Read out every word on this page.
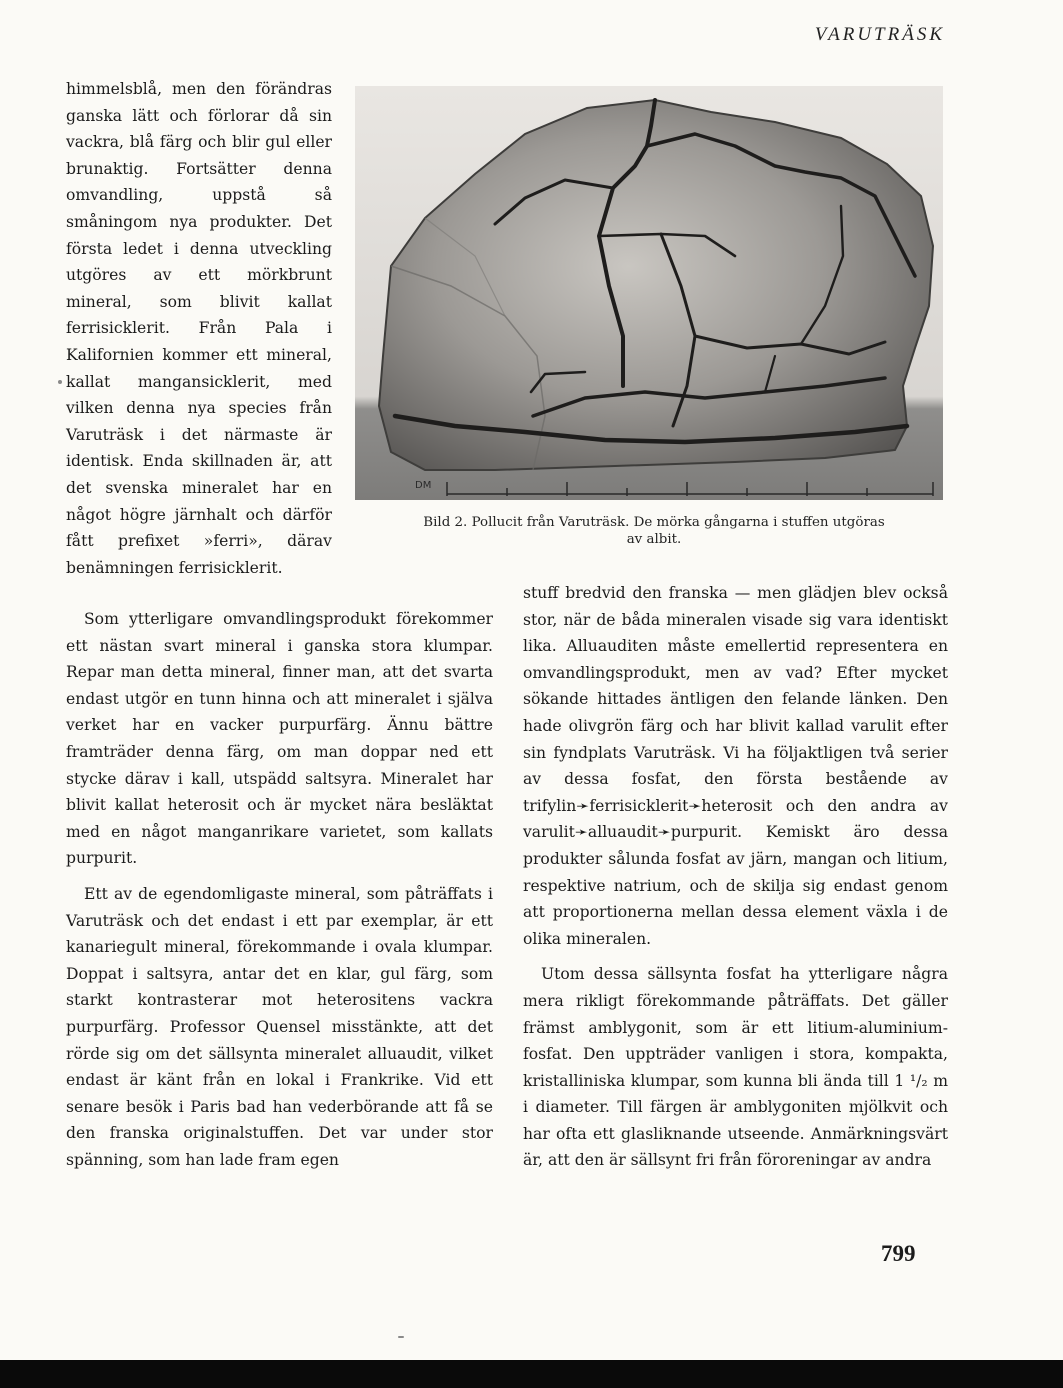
VARUTRÄSK

himmelsblå, men den förändras ganska lätt och förlorar då sin vackra, blå färg och blir gul eller brunaktig. Fortsätter denna omvandling, uppstå så småningom nya produkter. Det första ledet i denna utveckling utgöres av ett mörkbrunt mineral, som blivit kallat ferrisicklerit. Från Pala i Kalifornien kommer ett mineral, kallat mangansicklerit, med vilken denna nya species från Varuträsk i det närmaste är identisk. Enda skillnaden är, att det svenska mineralet har en något högre järnhalt och därför fått prefixet »ferri», därav benämningen ferrisicklerit.

DM
Bild 2. Pollucit från Varuträsk. De mörka gångarna i stuffen utgöras
av albit.

Som ytterligare omvandlingsprodukt förekommer ett nästan svart mineral i ganska stora klumpar. Repar man detta mineral, finner man, att det svarta endast utgör en tunn hinna och att mineralet i själva verket har en vacker purpurfärg. Ännu bättre framträder denna färg, om man doppar ned ett stycke därav i kall, utspädd saltsyra. Mineralet har blivit kallat heterosit och är mycket nära besläktat med en något manganrikare varietet, som kallats purpurit.

Ett av de egendomligaste mineral, som påträffats i Varuträsk och det endast i ett par exemplar, är ett kanariegult mineral, förekommande i ovala klumpar. Doppat i saltsyra, antar det en klar, gul färg, som starkt kontrasterar mot heterositens vackra purpurfärg. Professor Quensel misstänkte, att det rörde sig om det sällsynta mineralet alluaudit, vilket endast är känt från en lokal i Frankrike. Vid ett senare besök i Paris bad han vederbörande att få se den franska originalstuffen. Det var under stor spänning, som han lade fram egen

stuff bredvid den franska — men glädjen blev också stor, när de båda mineralen visade sig vara identiskt lika. Alluauditen måste emellertid representera en omvandlingsprodukt, men av vad? Efter mycket sökande hittades äntligen den felande länken. Den hade olivgrön färg och har blivit kallad varulit efter sin fyndplats Varuträsk. Vi ha följaktligen två serier av dessa fosfat, den första bestående av trifylin➛ferrisicklerit➛heterosit och den andra av varulit➛alluaudit➛purpurit. Kemiskt äro dessa produkter sålunda fosfat av järn, mangan och litium, respektive natrium, och de skilja sig endast genom att proportionerna mellan dessa element växla i de olika mineralen.

Utom dessa sällsynta fosfat ha ytterligare några mera rikligt förekommande påträffats. Det gäller främst amblygonit, som är ett litium-aluminium-fosfat. Den uppträder vanligen i stora, kompakta, kristalliniska klumpar, som kunna bli ända till 1 ¹/₂ m i diameter. Till färgen är amblygoniten mjölkvit och har ofta ett glasliknande utseende. Anmärkningsvärt är, att den är sällsynt fri från föroreningar av andra

799
